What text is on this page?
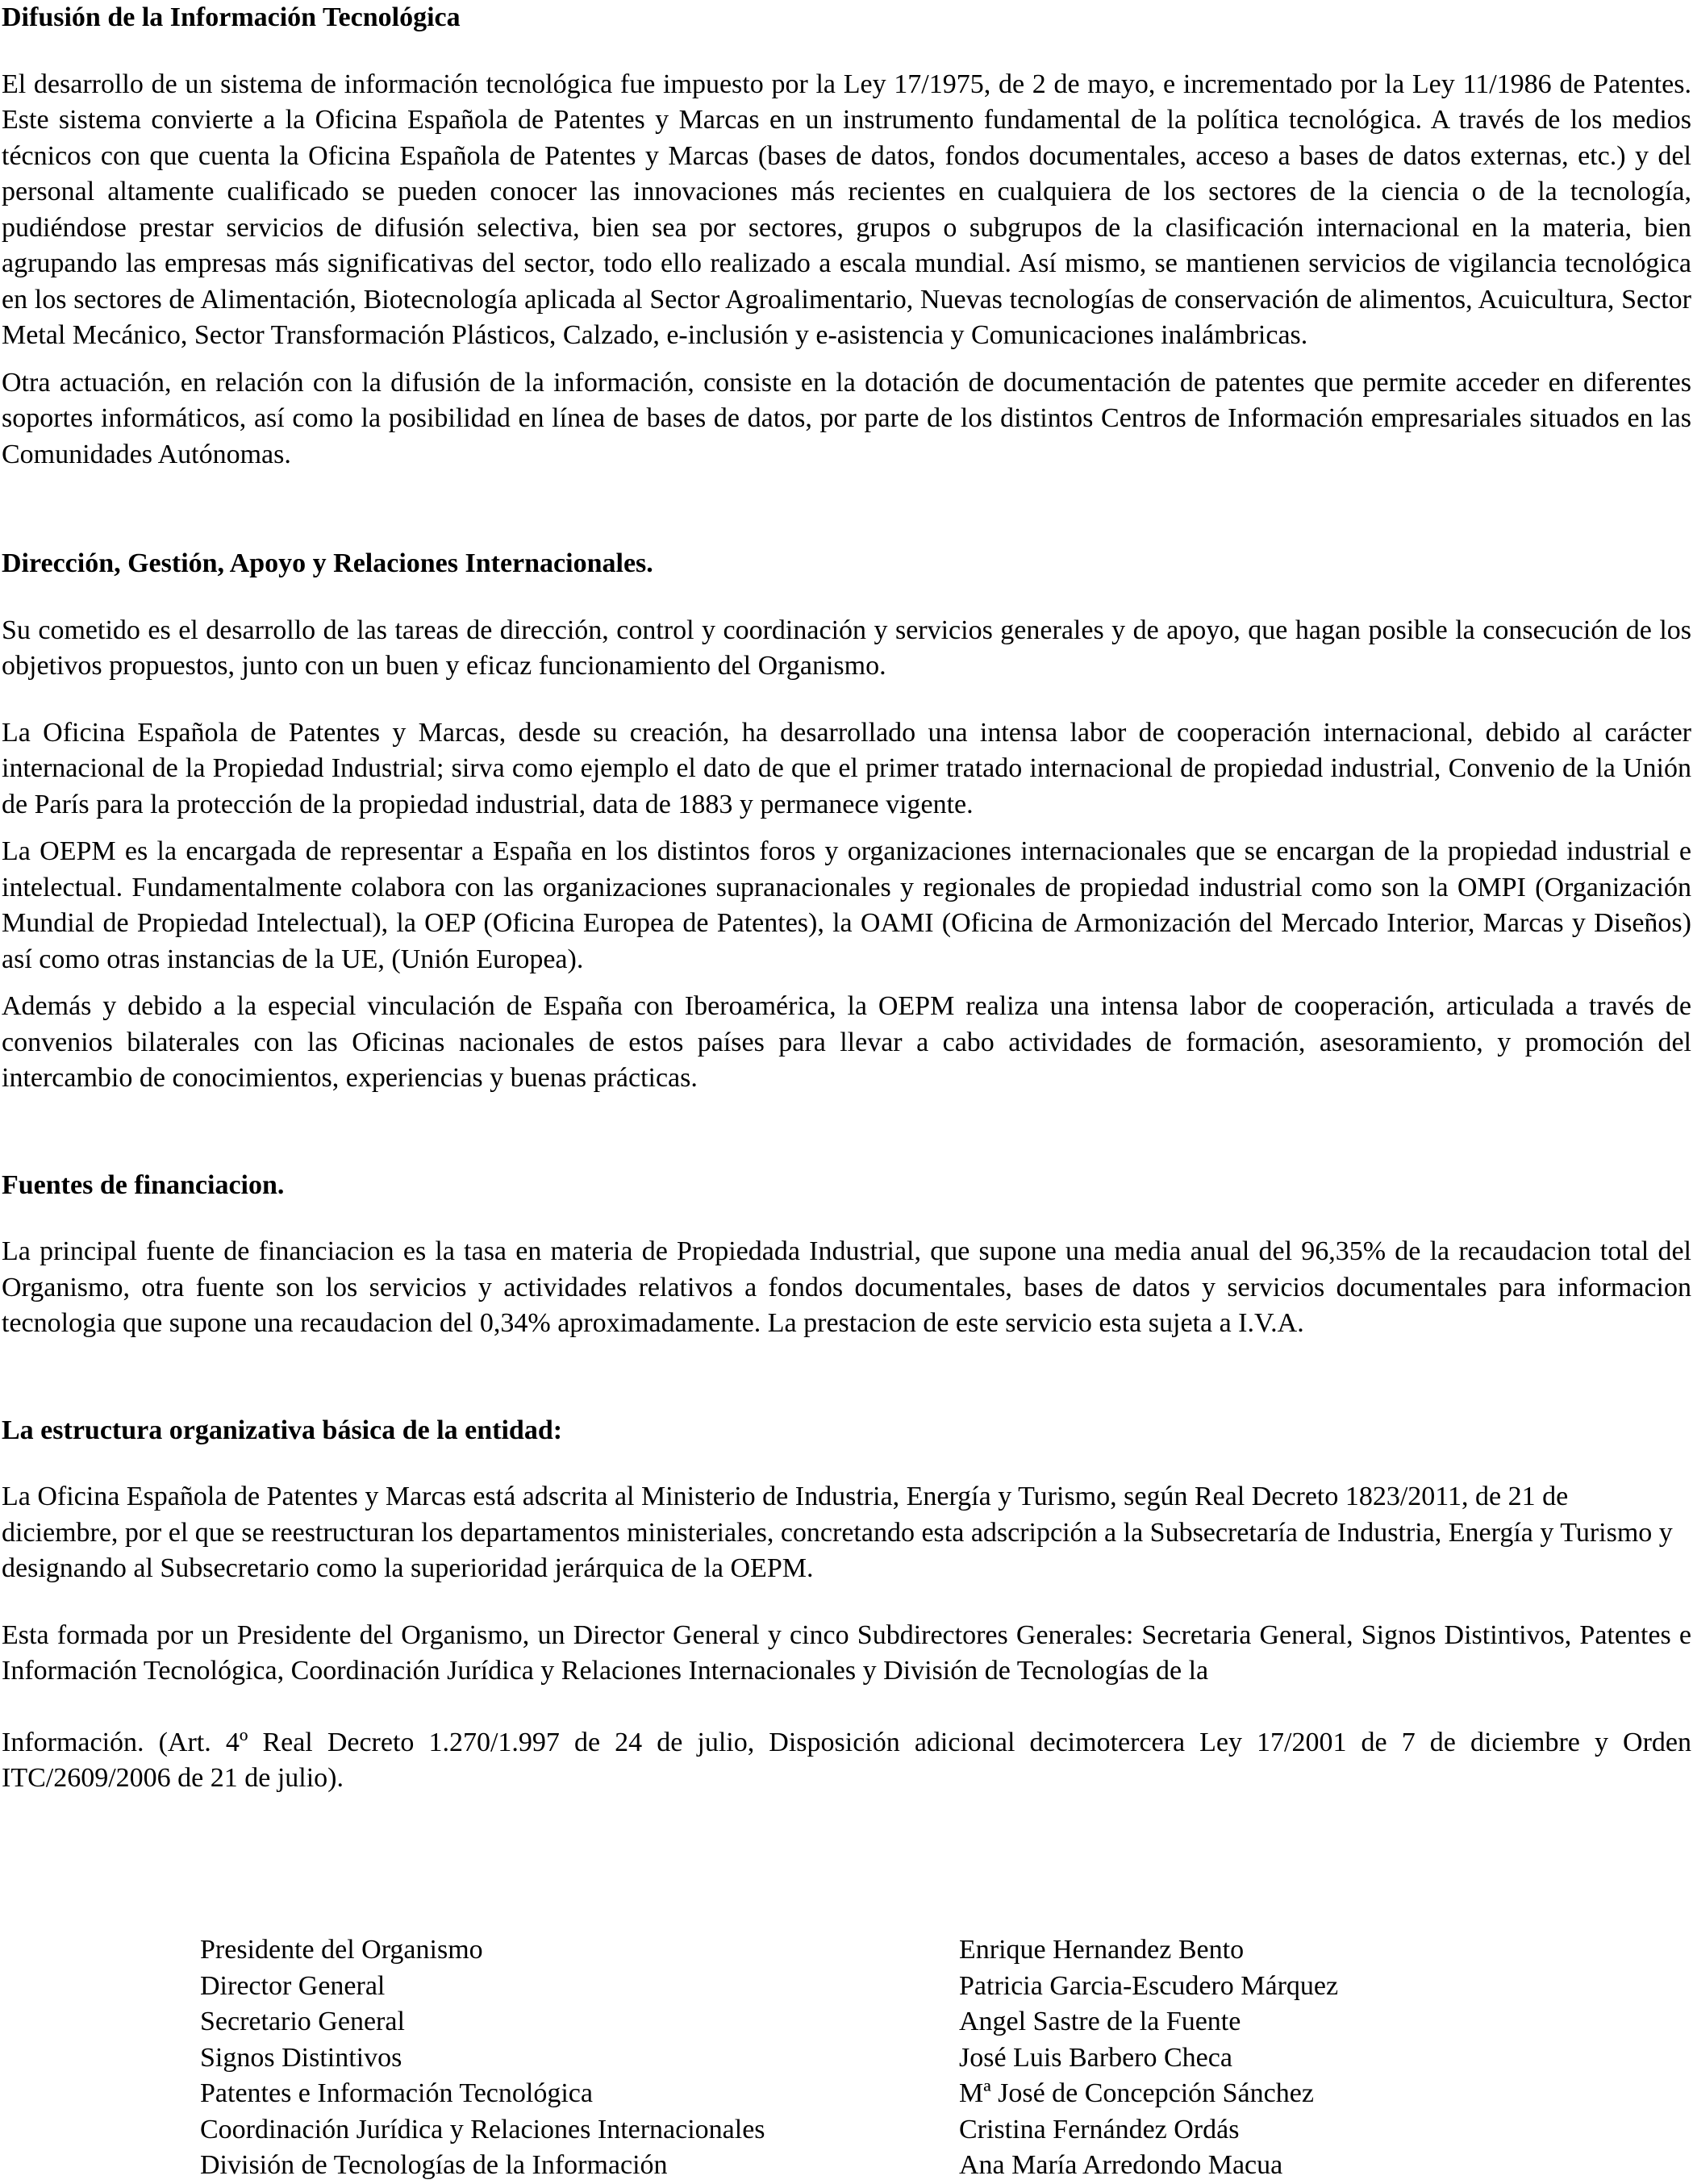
Difusión de la Información Tecnológica

El desarrollo de un sistema de información tecnológica fue impuesto por la Ley 17/1975, de 2 de mayo, e incrementado por la Ley 11/1986 de Patentes. Este sistema convierte a la Oficina Española de Patentes y Marcas en un instrumento fundamental de la política tecnológica. A través de los medios técnicos con que cuenta la Oficina Española de Patentes y Marcas (bases de datos, fondos documentales, acceso a bases de datos externas, etc.) y del personal altamente cualificado se pueden conocer las innovaciones más recientes en cualquiera de los sectores de la ciencia o de la tecnología, pudiéndose prestar servicios de difusión selectiva, bien sea por sectores, grupos o subgrupos de la clasificación internacional en la materia, bien agrupando las empresas más significativas del sector, todo ello realizado a escala mundial. Así mismo, se mantienen servicios de vigilancia tecnológica en los sectores de Alimentación, Biotecnología aplicada al Sector Agroalimentario, Nuevas tecnologías de conservación de alimentos, Acuicultura, Sector Metal Mecánico, Sector Transformación Plásticos, Calzado, e-inclusión y e-asistencia y Comunicaciones inalámbricas.

Otra actuación, en relación con la difusión de la información, consiste en la dotación de documentación de patentes que permite acceder en diferentes soportes informáticos, así como la posibilidad en línea de bases de datos, por parte de los distintos Centros de Información empresariales situados en las Comunidades Autónomas.

Dirección, Gestión, Apoyo y Relaciones Internacionales.

Su cometido es el desarrollo de las tareas de dirección, control y coordinación y servicios generales y de apoyo, que hagan posible la consecución de los objetivos propuestos, junto con un buen y eficaz funcionamiento del Organismo.

La Oficina Española de Patentes y Marcas, desde su creación, ha desarrollado una intensa labor de cooperación internacional, debido al carácter internacional de la Propiedad Industrial; sirva como ejemplo el dato de que el primer tratado internacional de propiedad industrial, Convenio de la Unión de París para la protección de la propiedad industrial, data de 1883 y permanece vigente.

La OEPM es la encargada de representar a España en los distintos foros y organizaciones internacionales que se encargan de la propiedad industrial e intelectual. Fundamentalmente colabora con las organizaciones supranacionales y regionales de propiedad industrial como son la OMPI (Organización Mundial de Propiedad Intelectual), la OEP (Oficina Europea de Patentes), la OAMI (Oficina de Armonización del Mercado Interior, Marcas y Diseños) así como otras instancias de la UE, (Unión Europea).

Además y debido a la especial vinculación de España con Iberoamérica, la OEPM realiza una intensa labor de cooperación, articulada a través de convenios bilaterales con las Oficinas nacionales de estos países para llevar a cabo actividades de formación, asesoramiento, y promoción del intercambio de conocimientos, experiencias y buenas prácticas.

Fuentes de financiacion.

La principal fuente de financiacion es la tasa en materia de Propiedada Industrial, que supone una media anual del 96,35% de la recaudacion total del Organismo, otra fuente son los servicios y actividades relativos a fondos documentales, bases de datos y servicios documentales para informacion tecnologia que supone una recaudacion del 0,34% aproximadamente. La prestacion de este servicio esta sujeta a I.V.A.

La estructura organizativa básica de la entidad:

La Oficina Española de Patentes y Marcas está adscrita al Ministerio de Industria, Energía y Turismo, según Real Decreto 1823/2011, de 21 de diciembre, por el que se reestructuran los departamentos ministeriales, concretando esta adscripción a la Subsecretaría de Industria, Energía y Turismo y designando al Subsecretario como la superioridad jerárquica de la OEPM.

Esta formada por un Presidente del Organismo, un Director General y cinco Subdirectores Generales: Secretaria General, Signos Distintivos, Patentes e Información Tecnológica, Coordinación Jurídica y Relaciones Internacionales y División de Tecnologías de la

Información. (Art. 4º Real Decreto 1.270/1.997 de 24 de julio, Disposición adicional decimotercera Ley 17/2001 de 7 de diciembre y Orden ITC/2609/2006 de 21 de julio).

Presidente del Organismo	Enrique Hernandez Bento
Director General	Patricia Garcia-Escudero Márquez
Secretario General	Angel Sastre de la Fuente
Signos Distintivos	José Luis Barbero Checa
Patentes e Información Tecnológica	Mª José de Concepción Sánchez
Coordinación Jurídica y Relaciones Internacionales	Cristina Fernández Ordás
División de Tecnologías de la Información	Ana María Arredondo Macua
